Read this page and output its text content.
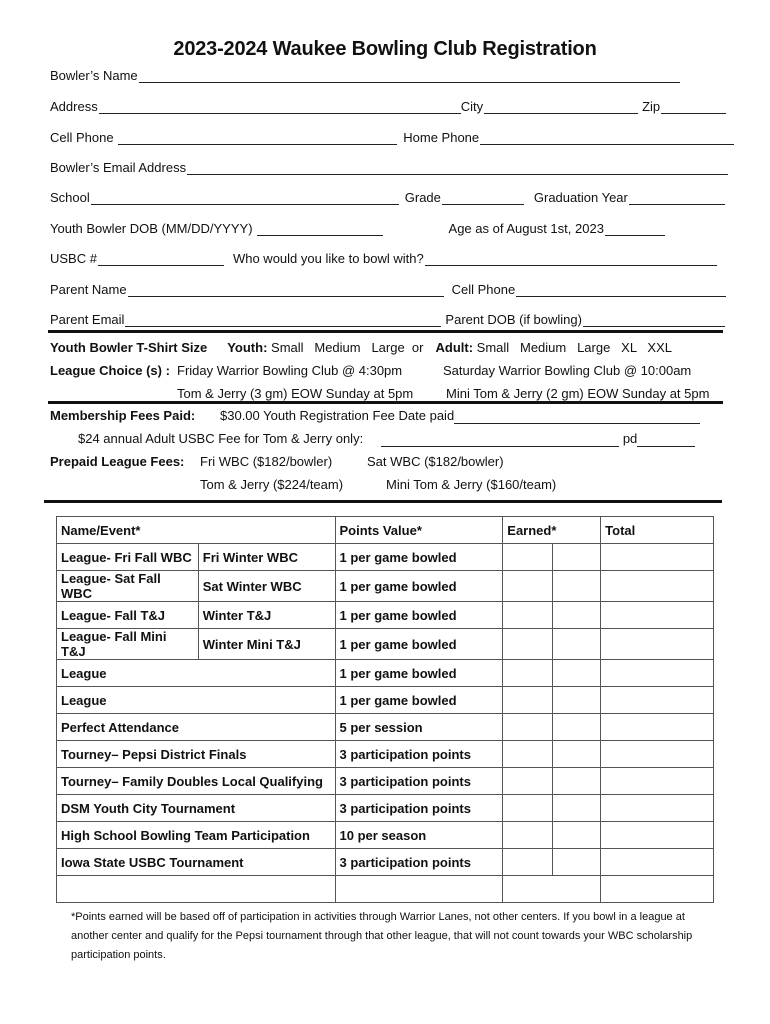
2023-2024 Waukee Bowling Club Registration
Bowler’s Name
Address	City	Zip
Cell Phone	Home Phone
Bowler’s Email Address
School	Grade	Graduation Year
Youth Bowler DOB (MM/DD/YYYY)	Age as of August 1st, 2023
USBC #	Who would you like to bowl with?
Parent Name	Cell Phone
Parent Email	Parent DOB (if bowling)
Youth Bowler T-Shirt Size Youth: Small   Medium   Large  or Adult: Small   Medium   Large   XL   XXL
League Choice (s) : Friday Warrior Bowling Club @ 4:30pm	Saturday Warrior Bowling Club @ 10:00am
Tom & Jerry (3 gm) EOW Sunday at 5pm	Mini Tom & Jerry (2 gm) EOW Sunday at 5pm
Membership Fees Paid: $30.00 Youth Registration Fee Date paid
$24 annual Adult USBC Fee for Tom & Jerry only:	pd
Prepaid League Fees: Fri WBC ($182/bowler)	Sat WBC ($182/bowler)
Tom & Jerry ($224/team)	Mini Tom & Jerry ($160/team)
Name/Event*		Points Value*	Earned*		Total
League- Fri Fall WBC	Fri Winter WBC	1 per game bowled			
League- Sat Fall WBC	Sat Winter WBC	1 per game bowled			
League- Fall T&J	Winter T&J	1 per game bowled			
League- Fall Mini T&J	Winter Mini T&J	1 per game bowled			
League		1 per game bowled			
League		1 per game bowled			
Perfect Attendance		5 per session			
Tourney– Pepsi District Finals		3 participation points			
Tourney– Family Doubles Local Qualifying		3 participation points			
DSM Youth City Tournament		3 participation points			
High School Bowling Team Participation		10 per season			
Iowa State USBC Tournament		3 participation points			

*Points earned will be based off of participation in activities through Warrior Lanes, not other centers. If you bowl in a league at another center and qualify for the Pepsi tournament through that other league, that will not count towards your WBC scholarship participation points.
